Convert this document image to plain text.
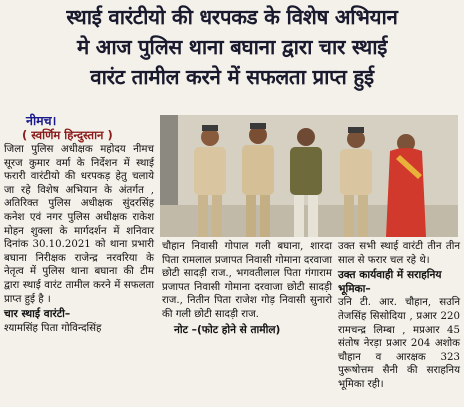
स्थाई वारंटीयो की धरपकड के विशेष अभियान
मे आज पुलिस थाना बघाना द्वारा चार स्थाई
वारंट तामील करने में सफलता प्राप्त हुई
नीमच।
( स्वर्णिम हिन्दुस्तान )

जिला पुलिस अधीक्षक महोदय नीमच सूरज कुमार वर्मा के निर्देशन में स्थाई फरारी वारंटीयो की धरपकड़ हेतु चलाये जा रहे विशेष अभियान के अंतर्गत , अतिरिक्त पुलिस अधीक्षक सुंदरसिंह कनेश एवं नगर पुलिस अधीक्षक राकेश मोहन शुक्ला के मार्गदर्शन में शनिवार दिनांक 30.10.2021 को थाना प्रभारी बघाना निरीक्षक राजेन्द्र नरवरिया के नेतृत्व में पुलिस थाना बघाना की टीम द्वारा स्थाई वारंट तामील करने में सफलता प्राप्त हुई है ।

चार स्थाई वारंटी–

श्यामसिंह पिता गोविन्दसिंह

चौहान निवासी गोपाल गली बघाना, शारदा पिता रामलाल प्रजापत निवासी गोमाना दरवाजा छोटी सादड़ी राज., भगवतीलाल पिता गंगाराम प्रजापत निवासी गोमाना दरवाजा छोटी सादड़ी राज., नितीन पिता राजेश गोड़ निवासी सुनारो की गली छोटी सादड़ी राज.

नोट –(फोट होने से तामील)

उक्त सभी स्थाई वारंटी तीन तीन साल से फरार चल रहे थे।

उक्त कार्यवाही में सराहनिय भूमिका–

उनि टी. आर. चौहान, सउनि तेजसिंह सिसोदिया , प्रआर 220 रामचन्द्र लिम्बा , मप्रआर 45 संतोष नेरड़ा प्रआर 204 अशोक चौहान व आरक्षक 323 पुरूषोत्तम सैनी की सराहनिय भूमिका रही।
